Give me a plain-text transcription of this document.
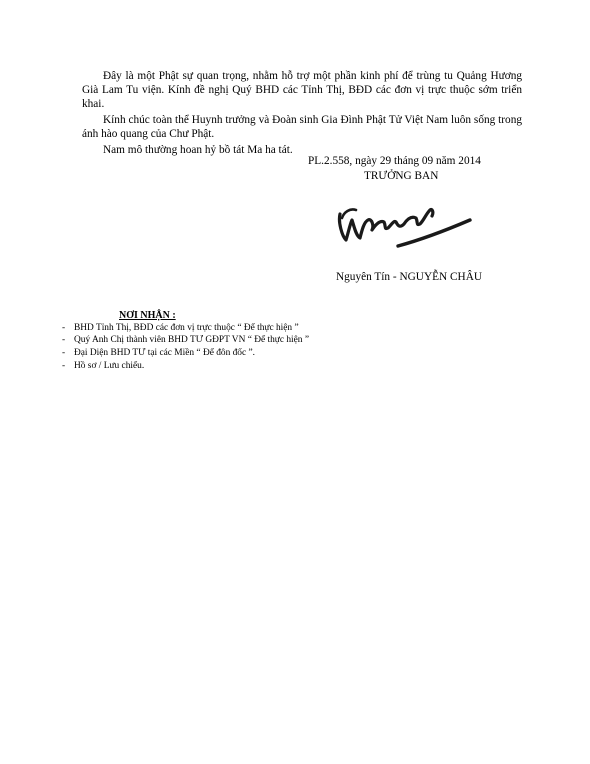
Đây là một Phật sự quan trọng, nhằm hỗ trợ một phần kinh phí để trùng tu Quảng Hương Già Lam Tu viện. Kính đề nghị Quý BHD các Tỉnh Thị, BĐD các đơn vị trực thuộc sớm triển khai.

Kính chúc toàn thể Huynh trưởng và Đoàn sinh Gia Đình Phật Tử Việt Nam luôn sống trong ánh hào quang của Chư Phật.

Nam mô thường hoan hỷ bồ tát Ma ha tát.

PL.2.558, ngày 29 tháng 09 năm 2014
TRƯỞNG BAN
Nguyên Tín - NGUYỄN CHÂU
NƠI NHẬN :
- BHD Tỉnh Thị, BĐD các đơn vị trực thuộc “ Để thực hiện ”
- Quý Anh Chị thành viên BHD TƯ GĐPT VN “ Để thực hiện ”
- Đại Diện BHD TƯ tại các Miền “ Để đôn đốc ”.
- Hồ sơ / Lưu chiểu.
